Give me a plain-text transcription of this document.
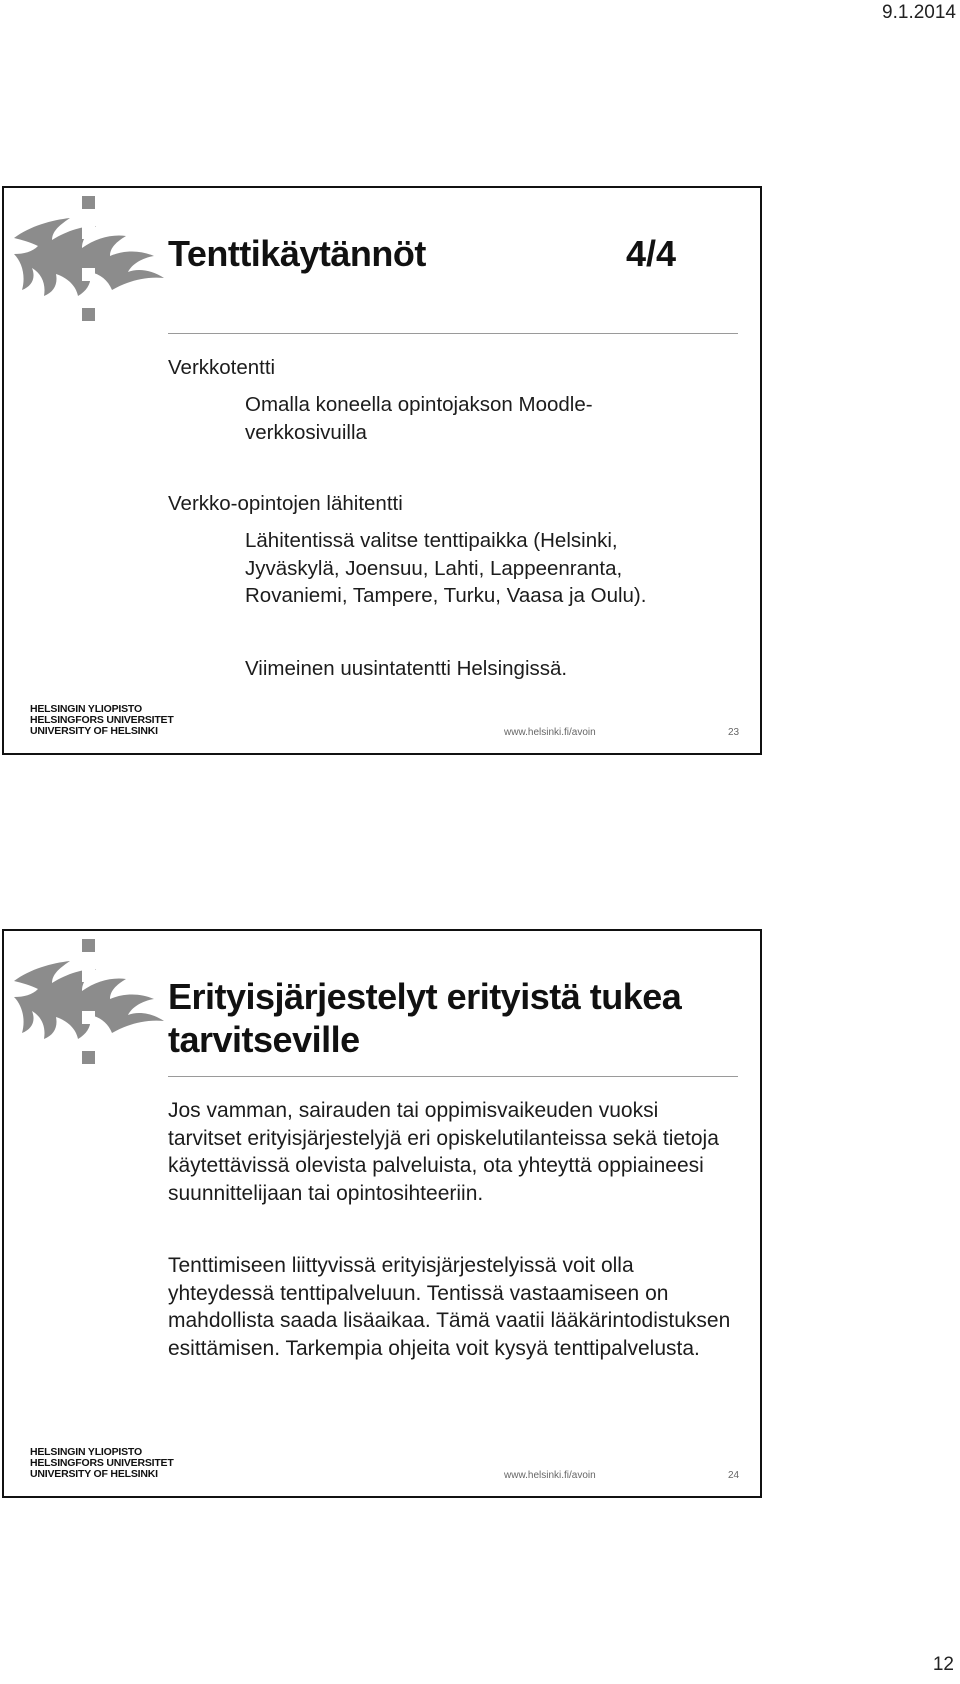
9.1.2014
Tenttikäytännöt	4/4
Verkkotentti
Omalla koneella opintojakson Moodle-verkkosivuilla
Verkko-opintojen lähitentti
Lähitentissä valitse tenttipaikka (Helsinki, Jyväskylä, Joensuu, Lahti, Lappeenranta, Rovaniemi, Tampere, Turku, Vaasa ja Oulu).
Viimeinen uusintatentti Helsingissä.
HELSINGIN YLIOPISTO
HELSINGFORS UNIVERSITET
UNIVERSITY OF HELSINKI	www.helsinki.fi/avoin	23
Erityisjärjestelyt erityistä tukea tarvitseville
Jos vamman, sairauden tai oppimisvaikeuden vuoksi tarvitset erityisjärjestelyjä eri opiskelutilanteissa sekä tietoja käytettävissä olevista palveluista, ota yhteyttä oppiaineesi suunnittelijaan tai opintosihteeriin.
Tenttimiseen liittyvissä erityisjärjestelyissä voit olla yhteydessä tenttipalveluun. Tentissä vastaamiseen on mahdollista saada lisäaikaa. Tämä vaatii lääkärintodistuksen esittämisen. Tarkempia ohjeita voit kysyä tenttipalvelusta.
HELSINGIN YLIOPISTO
HELSINGFORS UNIVERSITET
UNIVERSITY OF HELSINKI	www.helsinki.fi/avoin	24
12
